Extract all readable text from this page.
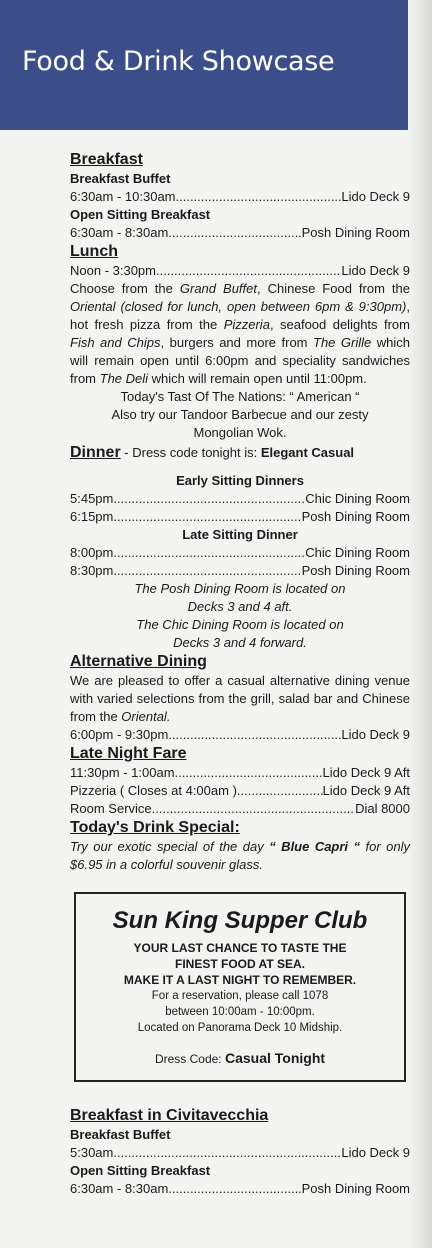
Food & Drink Showcase

Breakfast

Breakfast Buffet

6:30am - 10:30am .....	Lido Deck 9

Open Sitting Breakfast

6:30am - 8:30am .....	.Posh Dining Room

Lunch

Noon - 3:30pm .....	Lido Deck 9

Choose from the Grand Buffet, Chinese Food from the Oriental (closed for lunch, open between 6pm & 9:30pm), hot fresh pizza from the Pizzeria, seafood delights from Fish and Chips, burgers and more from The Grille which will remain open until 6:00pm and speciality sandwiches from The Deli which will remain open until 11:00pm.

Today's Tast Of The Nations: “ American “

Also try our Tandoor Barbecue and our zesty Mongolian Wok.

Dinner - Dress code tonight is: Elegant Casual

Early Sitting Dinners

5:45pm .....	Chic Dining Room
6:15pm .....	Posh Dining Room

Late Sitting Dinner

8:00pm .....	Chic Dining Room
8:30pm .....	Posh Dining Room

The Posh Dining Room is located on

Decks 3 and 4 aft.

The Chic Dining Room is located on

Decks 3 and 4 forward.

Alternative Dining

We are pleased to offer a casual alternative dining venue with varied selections from the grill, salad bar and Chinese from the Oriental.

6:00pm - 9:30pm .....	Lido Deck 9

Late Night Fare

11:30pm - 1:00am .....	Lido Deck 9 Aft
Pizzeria ( Closes at 4:00am ) .....	Lido Deck 9 Aft
Room Service .....	Dial 8000

Today's Drink Special:

Try our exotic special of the day “ Blue Capri “ for only $6.95 in a colorful souvenir glass.

Sun King Supper Club

YOUR LAST CHANCE TO TASTE THE

FINEST FOOD AT SEA.

MAKE IT A LAST NIGHT TO REMEMBER.

For a reservation, please call 1078

between 10:00am - 10:00pm.

Located on Panorama Deck 10 Midship.

Dress Code: Casual Tonight

Breakfast in Civitavecchia

Breakfast Buffet

5:30am.. .....	Lido Deck 9

Open Sitting Breakfast

6:30am - 8:30am .....	.Posh Dining Room
